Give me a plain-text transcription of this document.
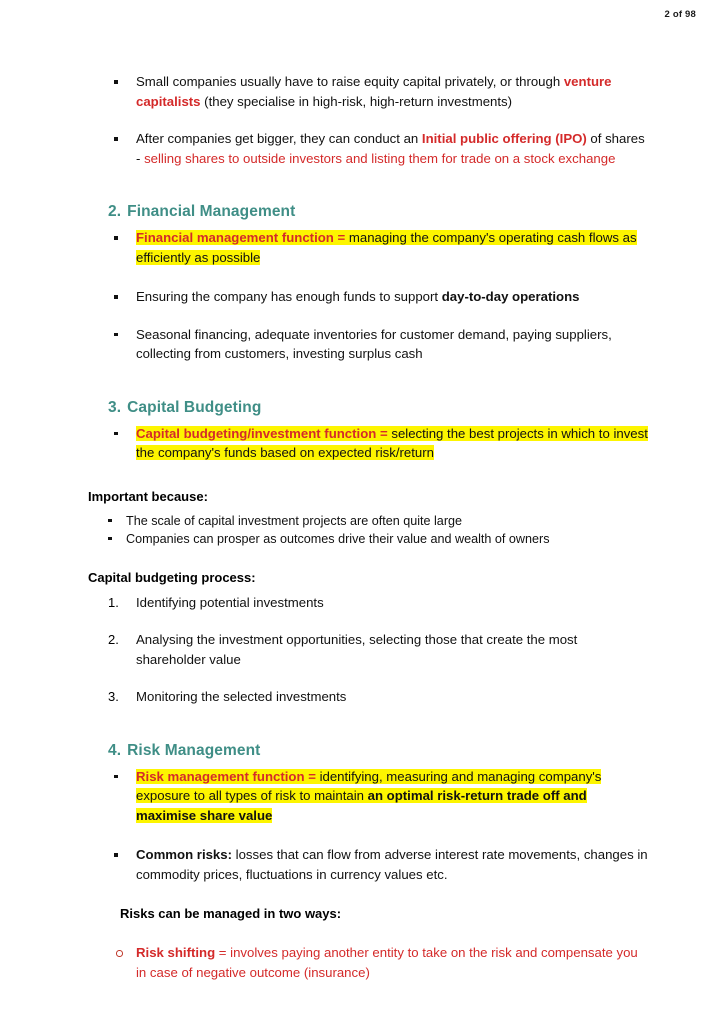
2 of 98
Small companies usually have to raise equity capital privately, or through venture capitalists (they specialise in high-risk, high-return investments)
After companies get bigger, they can conduct an Initial public offering (IPO) of shares - selling shares to outside investors and listing them for trade on a stock exchange
2. Financial Management
Financial management function = managing the company's operating cash flows as efficiently as possible
Ensuring the company has enough funds to support day-to-day operations
Seasonal financing, adequate inventories for customer demand, paying suppliers, collecting from customers, investing surplus cash
3. Capital Budgeting
Capital budgeting/investment function = selecting the best projects in which to invest the company's funds based on expected risk/return
Important because:
The scale of capital investment projects are often quite large
Companies can prosper as outcomes drive their value and wealth of owners
Capital budgeting process:
1. Identifying potential investments
2. Analysing the investment opportunities, selecting those that create the most shareholder value
3. Monitoring the selected investments
4. Risk Management
Risk management function = identifying, measuring and managing company's exposure to all types of risk to maintain an optimal risk-return trade off and maximise share value
Common risks: losses that can flow from adverse interest rate movements, changes in commodity prices, fluctuations in currency values etc.
Risks can be managed in two ways:
Risk shifting = involves paying another entity to take on the risk and compensate you in case of negative outcome (insurance)
